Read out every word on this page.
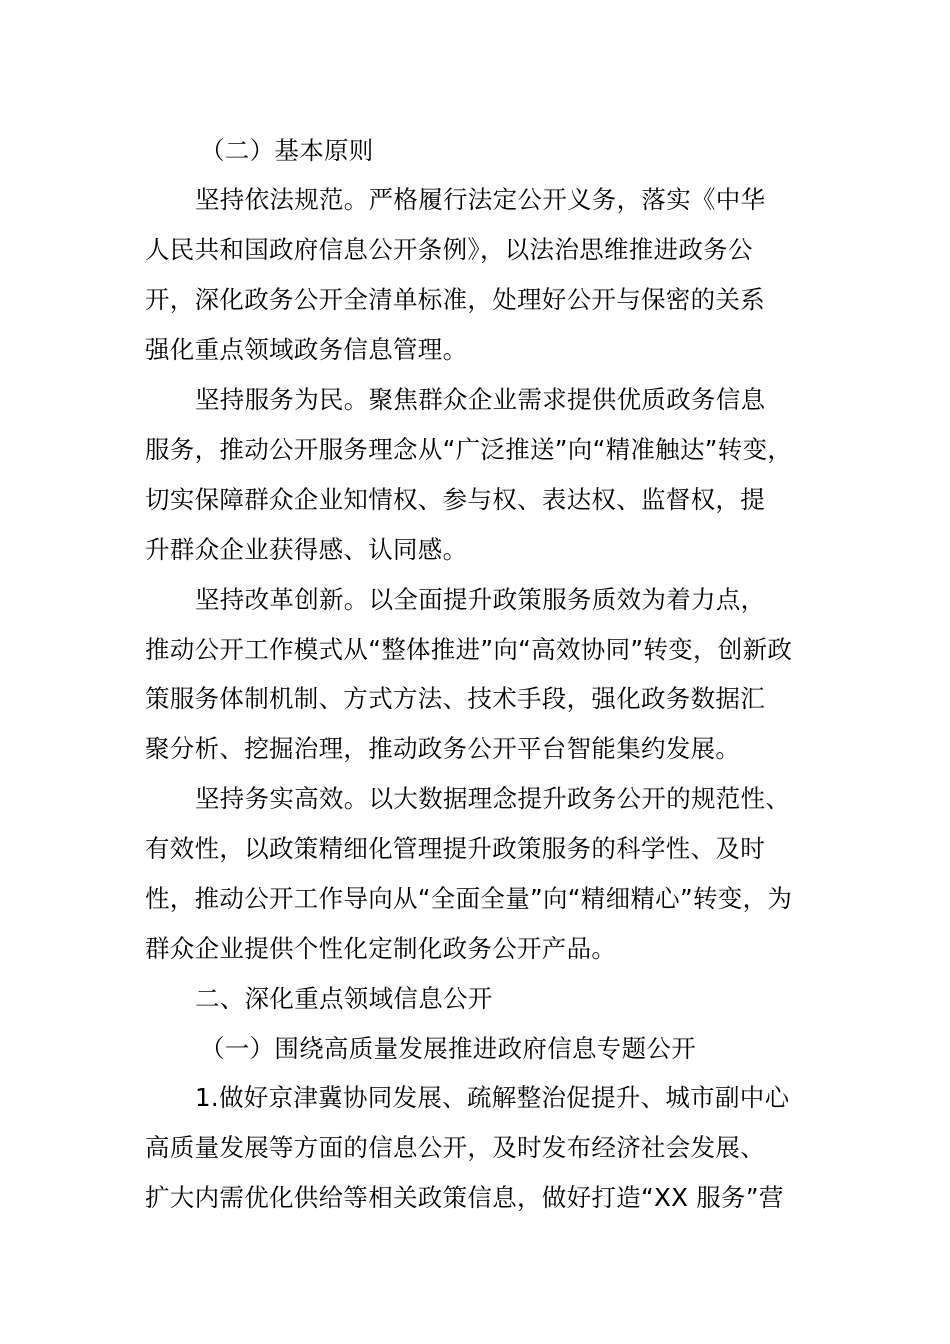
（二）基本原则
坚持依法规范。严格履行法定公开义务，落实《中华
人民共和国政府信息公开条例》，以法治思维推进政务公
开，深化政务公开全清单标准，处理好公开与保密的关系
强化重点领域政务信息管理。
坚持服务为民。聚焦群众企业需求提供优质政务信息
服务，推动公开服务理念从“广泛推送”向“精准触达”转变，
切实保障群众企业知情权、参与权、表达权、监督权，提
升群众企业获得感、认同感。
坚持改革创新。以全面提升政策服务质效为着力点，
推动公开工作模式从“整体推进”向“高效协同”转变，创新政
策服务体制机制、方式方法、技术手段，强化政务数据汇
聚分析、挖掘治理，推动政务公开平台智能集约发展。
坚持务实高效。以大数据理念提升政务公开的规范性、
有效性，以政策精细化管理提升政策服务的科学性、及时
性，推动公开工作导向从“全面全量”向“精细精心”转变，为
群众企业提供个性化定制化政务公开产品。
二、深化重点领域信息公开
（一）围绕高质量发展推进政府信息专题公开
1.做好京津冀协同发展、疏解整治促提升、城市副中心
高质量发展等方面的信息公开，及时发布经济社会发展、
扩大内需优化供给等相关政策信息，做好打造“XX 服务”营
